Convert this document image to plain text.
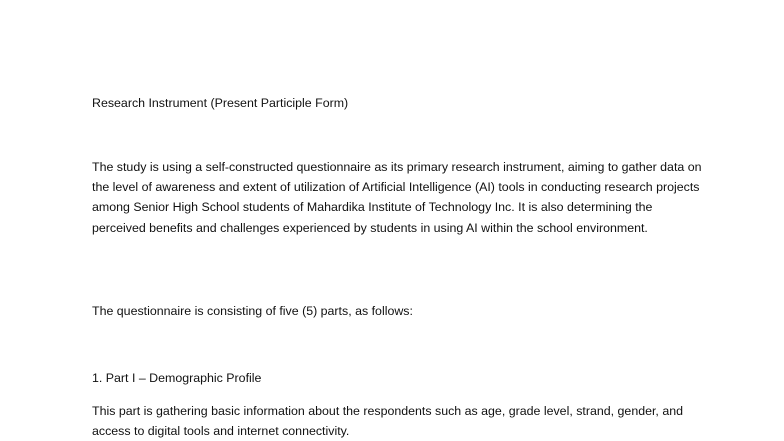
Research Instrument (Present Participle Form)

The study is using a self-constructed questionnaire as its primary research instrument, aiming to gather data on the level of awareness and extent of utilization of Artificial Intelligence (AI) tools in conducting research projects among Senior High School students of Mahardika Institute of Technology Inc. It is also determining the perceived benefits and challenges experienced by students in using AI within the school environment.

The questionnaire is consisting of five (5) parts, as follows:

1. Part I – Demographic Profile

This part is gathering basic information about the respondents such as age, grade level, strand, gender, and access to digital tools and internet connectivity.
